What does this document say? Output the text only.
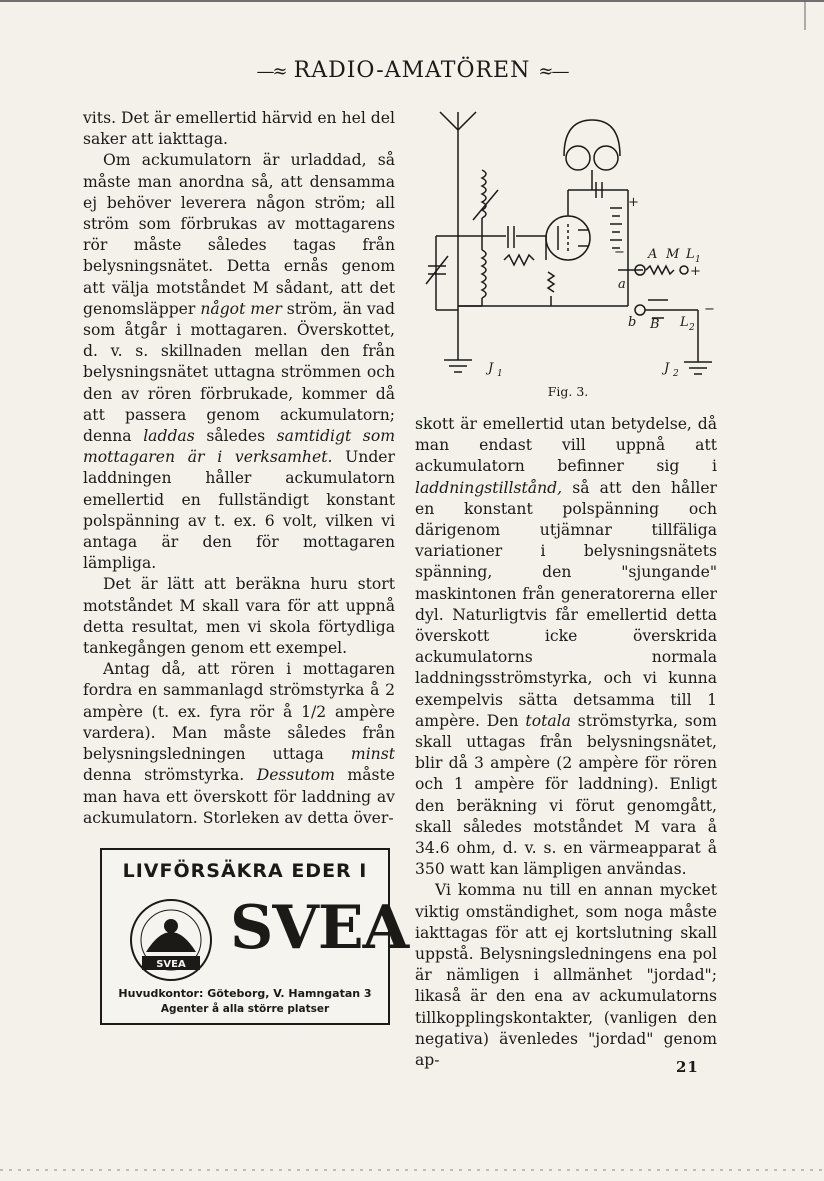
—≈ RADIO-AMATÖREN ≈—

vits. Det är emellertid härvid en hel del saker att iakttaga.

Om ackumulatorn är urladdad, så måste man anordna så, att densamma ej behöver leverera någon ström; all ström som förbrukas av mottagarens rör måste således tagas från belysningsnätet. Detta ernås genom att välja motståndet M sådant, att det genomsläpper något mer ström, än vad som åtgår i mottagaren. Överskottet, d. v. s. skillnaden mellan den från belysningsnätet uttagna strömmen och den av rören förbrukade, kommer då att passera genom ackumulatorn; denna laddas således samtidigt som mottagaren är i verksamhet. Under laddningen håller ackumulatorn emellertid en fullständigt konstant polspänning av t. ex. 6 volt, vilken vi antaga är den för mottagaren lämpliga.

Det är lätt att beräkna huru stort motståndet M skall vara för att uppnå detta resultat, men vi skola förtydliga tankegången genom ett exempel.

Antag då, att rören i mottagaren fordra en sammanlagd strömstyrka å 2 ampère (t. ex. fyra rör å 1/2 ampère vardera). Man måste således från belysningsledningen uttaga minst denna strömstyrka. Dessutom måste man hava ett överskott för laddning av ackumulatorn. Storleken av detta över-

a
b
A M L 1
L 2
B
J 1	J 2
+
−
+
−
Fig. 3.

skott är emellertid utan betydelse, då man endast vill uppnå att ackumulatorn befinner sig i laddningstillstånd, så att den håller en konstant polspänning och därigenom utjämnar tillfäliga variationer i belysningsnätets spänning, den "sjungande" maskintonen från generatorerna eller dyl. Naturligtvis får emellertid detta överskott icke överskrida ackumulatorns normala laddningsströmstyrka, och vi kunna exempelvis sätta detsamma till 1 ampère. Den totala strömstyrka, som skall uttagas från belysningsnätet, blir då 3 ampère (2 ampère för rören och 1 ampère för laddning). Enligt den beräkning vi förut genomgått, skall således motståndet M vara å 34.6 ohm, d. v. s. en värmeapparat å 350 watt kan lämpligen användas.

Vi komma nu till en annan mycket viktig omständighet, som noga måste iakttagas för att ej kortslutning skall uppstå. Belysningsledningens ena pol är nämligen i allmänhet "jordad"; likaså är den ena av ackumulatorns tillkopplingskontakter, (vanligen den negativa) ävenledes "jordad" genom ap-

LIVFÖRSÄKRA EDER I
SVEA
SVEA
Huvudkontor: Göteborg, V. Hamngatan 3
Agenter å alla större platser
21
